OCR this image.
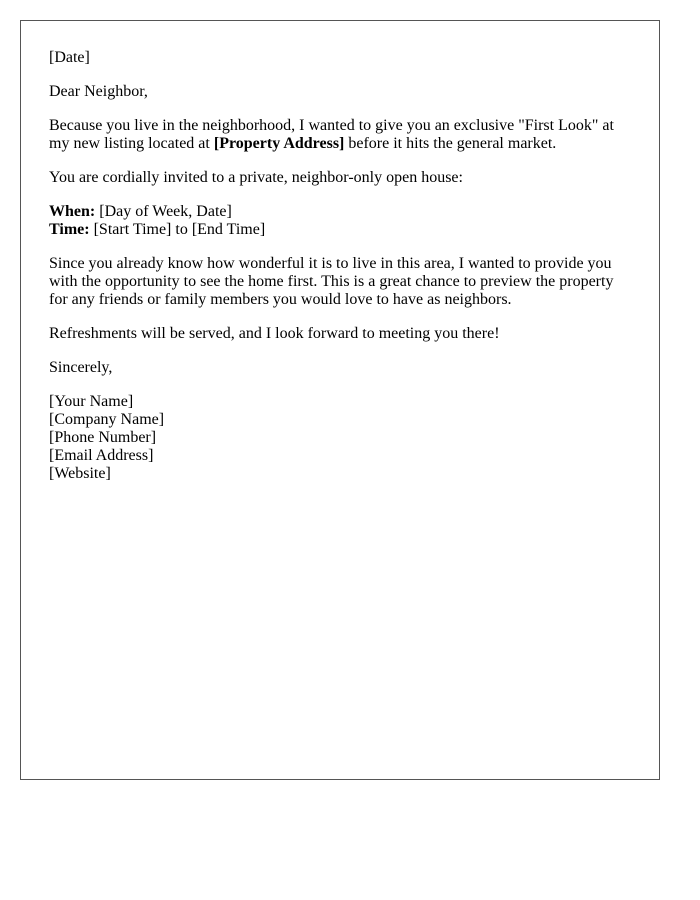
[Date]

Dear Neighbor,

Because you live in the neighborhood, I wanted to give you an exclusive "First Look" at my new listing located at [Property Address] before it hits the general market.

You are cordially invited to a private, neighbor-only open house:

When: [Day of Week, Date]
Time: [Start Time] to [End Time]

Since you already know how wonderful it is to live in this area, I wanted to provide you with the opportunity to see the home first. This is a great chance to preview the property for any friends or family members you would love to have as neighbors.

Refreshments will be served, and I look forward to meeting you there!

Sincerely,

[Your Name]
[Company Name]
[Phone Number]
[Email Address]
[Website]
